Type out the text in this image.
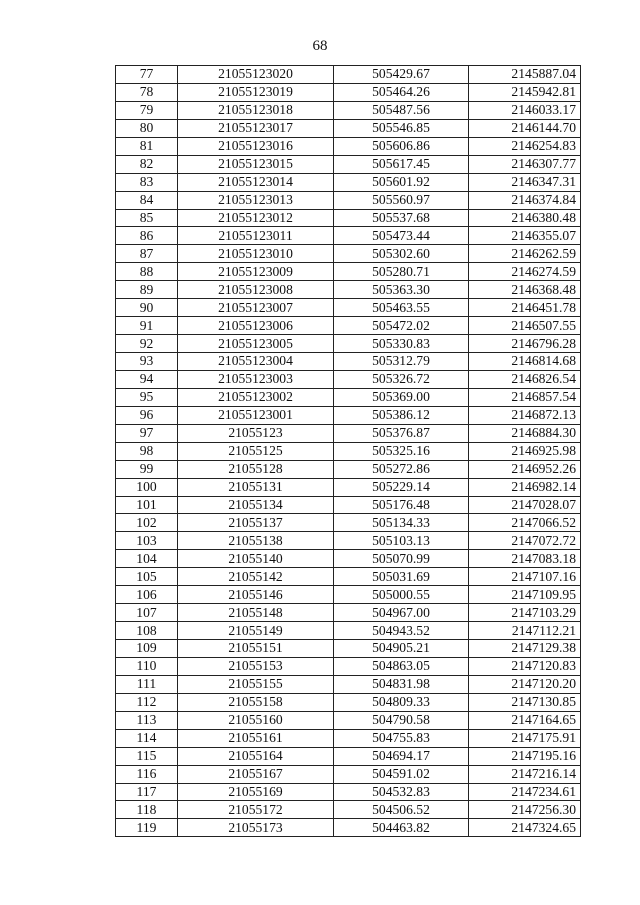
68
77	21055123020	505429.67	2145887.04
78	21055123019	505464.26	2145942.81
79	21055123018	505487.56	2146033.17
80	21055123017	505546.85	2146144.70
81	21055123016	505606.86	2146254.83
82	21055123015	505617.45	2146307.77
83	21055123014	505601.92	2146347.31
84	21055123013	505560.97	2146374.84
85	21055123012	505537.68	2146380.48
86	21055123011	505473.44	2146355.07
87	21055123010	505302.60	2146262.59
88	21055123009	505280.71	2146274.59
89	21055123008	505363.30	2146368.48
90	21055123007	505463.55	2146451.78
91	21055123006	505472.02	2146507.55
92	21055123005	505330.83	2146796.28
93	21055123004	505312.79	2146814.68
94	21055123003	505326.72	2146826.54
95	21055123002	505369.00	2146857.54
96	21055123001	505386.12	2146872.13
97	21055123	505376.87	2146884.30
98	21055125	505325.16	2146925.98
99	21055128	505272.86	2146952.26
100	21055131	505229.14	2146982.14
101	21055134	505176.48	2147028.07
102	21055137	505134.33	2147066.52
103	21055138	505103.13	2147072.72
104	21055140	505070.99	2147083.18
105	21055142	505031.69	2147107.16
106	21055146	505000.55	2147109.95
107	21055148	504967.00	2147103.29
108	21055149	504943.52	2147112.21
109	21055151	504905.21	2147129.38
110	21055153	504863.05	2147120.83
111	21055155	504831.98	2147120.20
112	21055158	504809.33	2147130.85
113	21055160	504790.58	2147164.65
114	21055161	504755.83	2147175.91
115	21055164	504694.17	2147195.16
116	21055167	504591.02	2147216.14
117	21055169	504532.83	2147234.61
118	21055172	504506.52	2147256.30
119	21055173	504463.82	2147324.65
